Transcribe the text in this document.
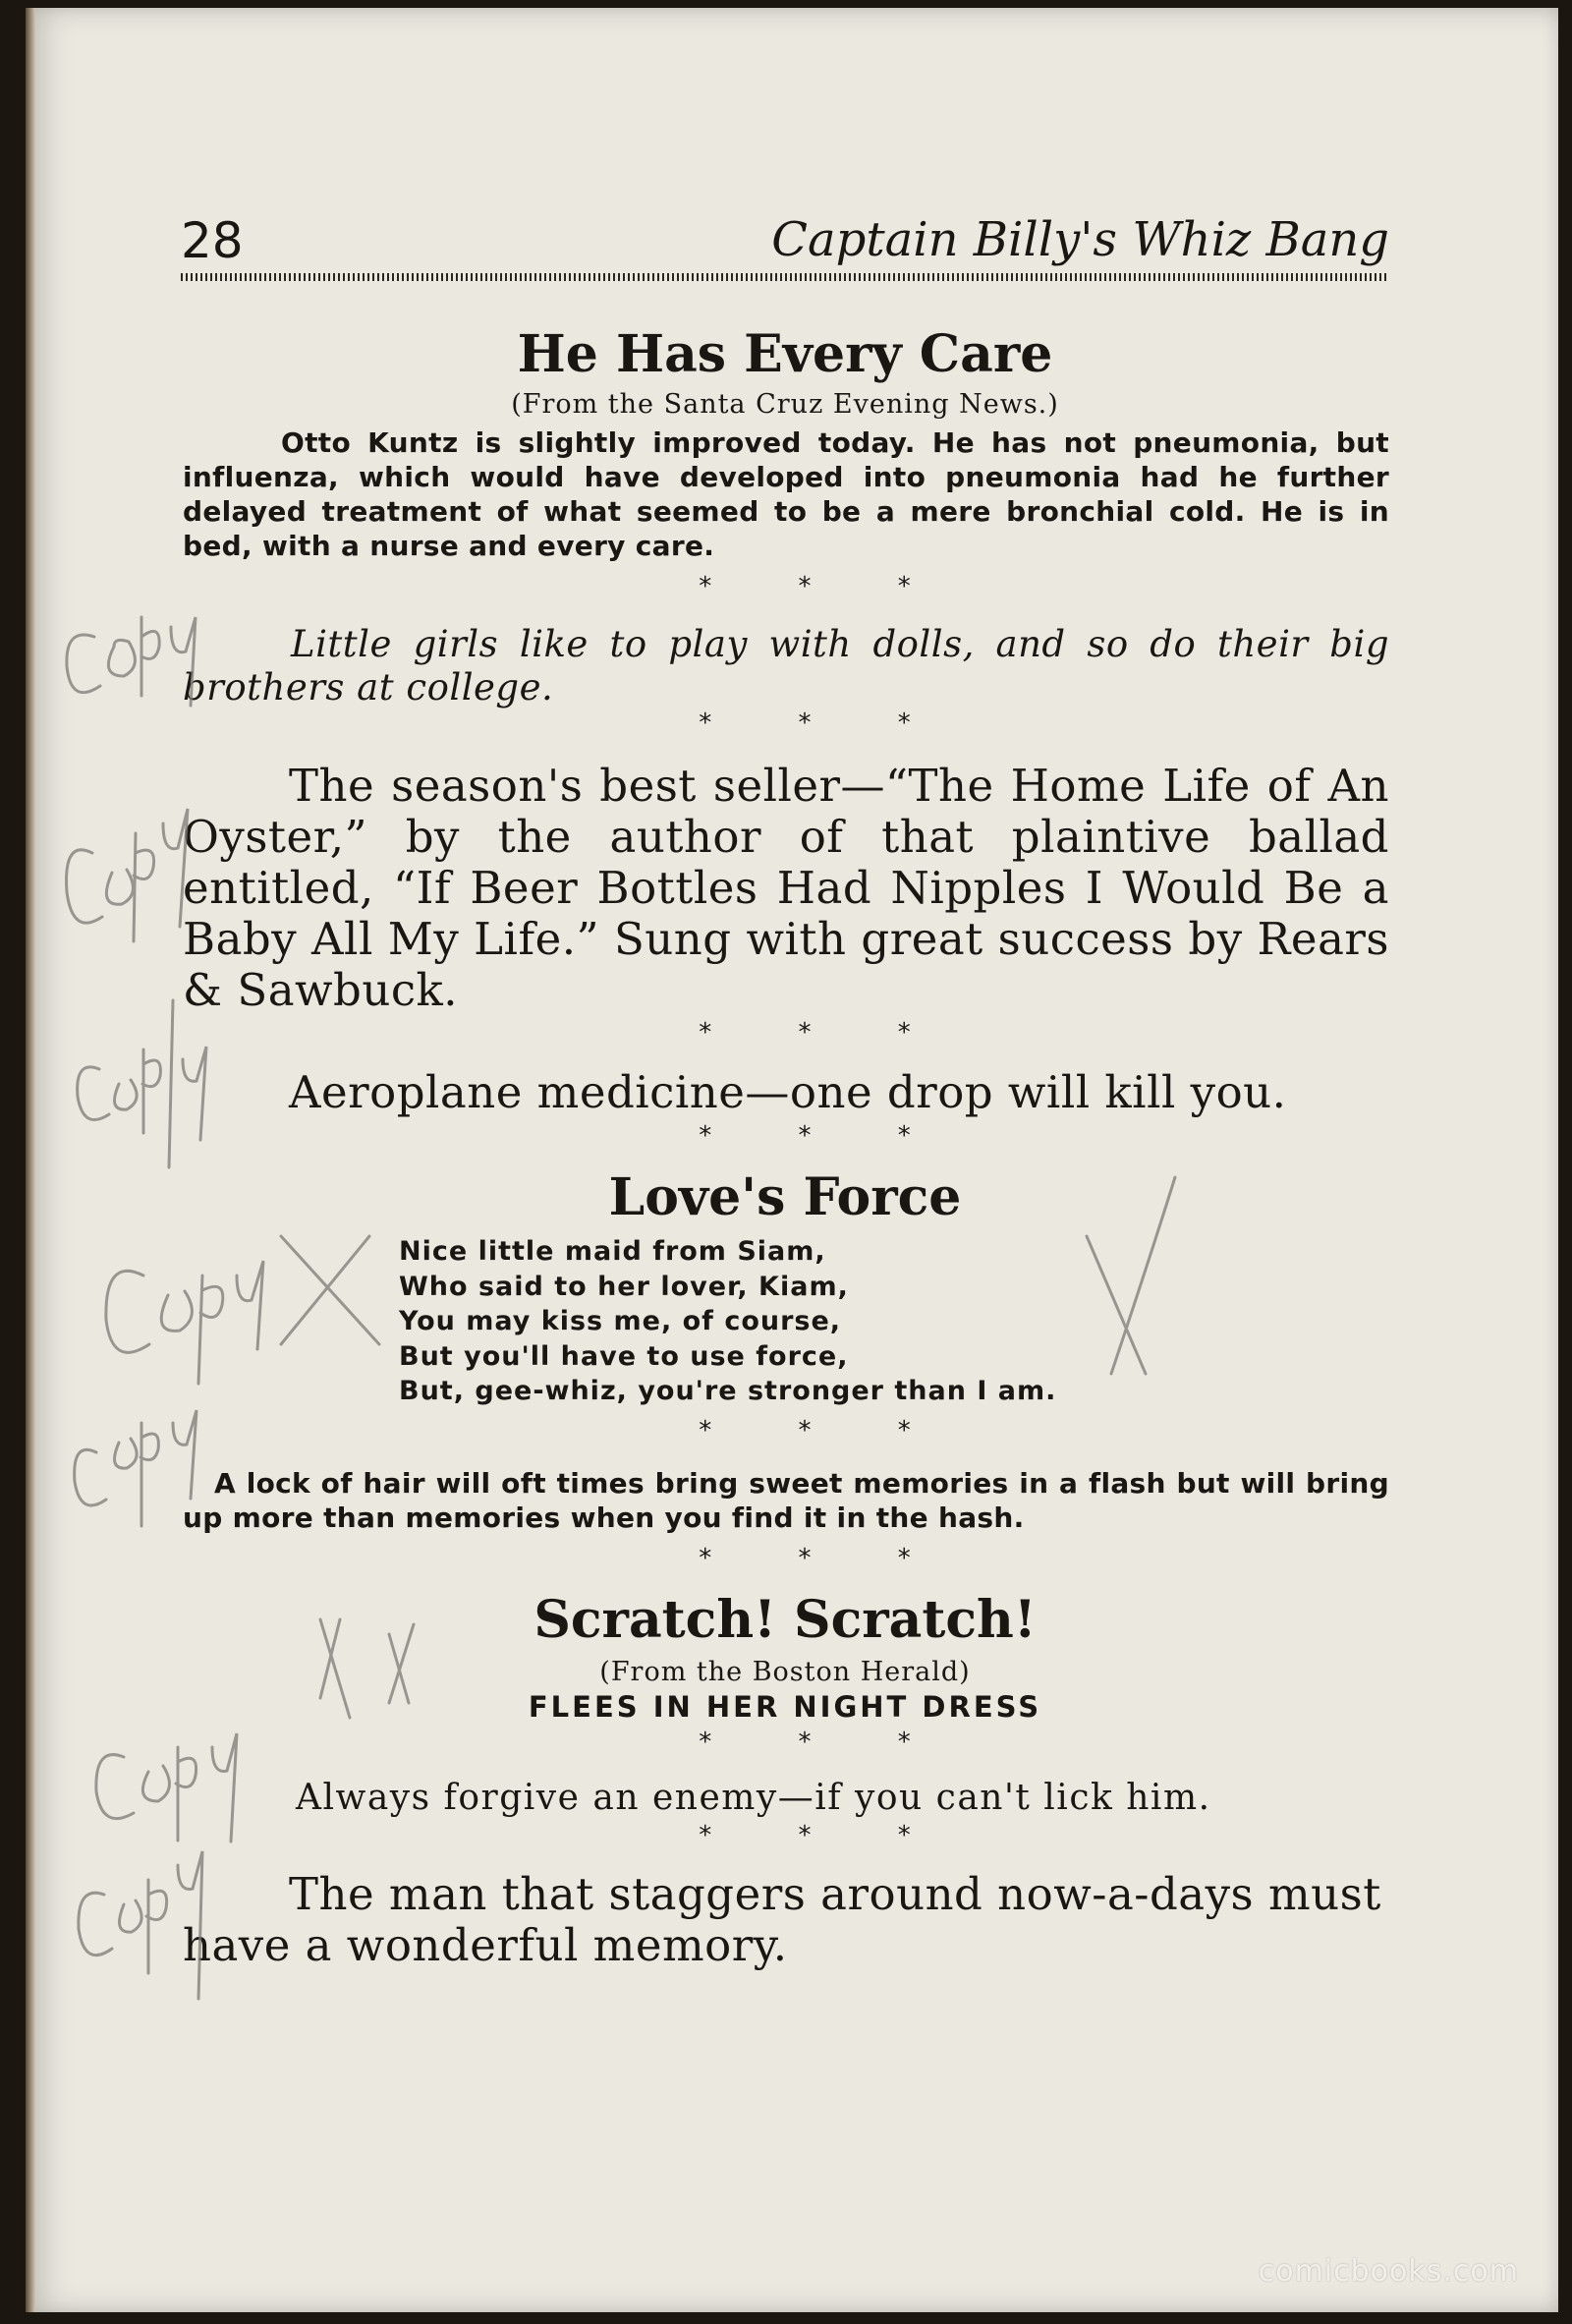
28	Captain Billy's Whiz Bang
He Has Every Care
(From the Santa Cruz Evening News.)
Otto Kuntz is slightly improved today. He has not pneumonia, but influenza, which would have developed into pneumonia had he further delayed treatment of what seemed to be a mere bronchial cold. He is in bed, with a nurse and every care.
* * *
Little girls like to play with dolls, and so do their big brothers at college.
* * *
The season's best seller—“The Home Life of An Oyster,” by the author of that plaintive ballad entitled, “If Beer Bottles Had Nipples I Would Be a Baby All My Life.” Sung with great success by Rears & Sawbuck.
* * *
Aeroplane medicine—one drop will kill you.
* * *
Love's Force
Nice little maid from Siam,
Who said to her lover, Kiam,
You may kiss me, of course,
But you'll have to use force,
But, gee-whiz, you're stronger than I am.
* * *
A lock of hair will oft times bring sweet memories in a flash but will bring up more than memories when you find it in the hash.
* * *
Scratch! Scratch!
(From the Boston Herald)
FLEES IN HER NIGHT DRESS
* * *
Always forgive an enemy—if you can't lick him.
* * *
The man that staggers around now-a-days must have a wonderful memory.
comicbooks.com
